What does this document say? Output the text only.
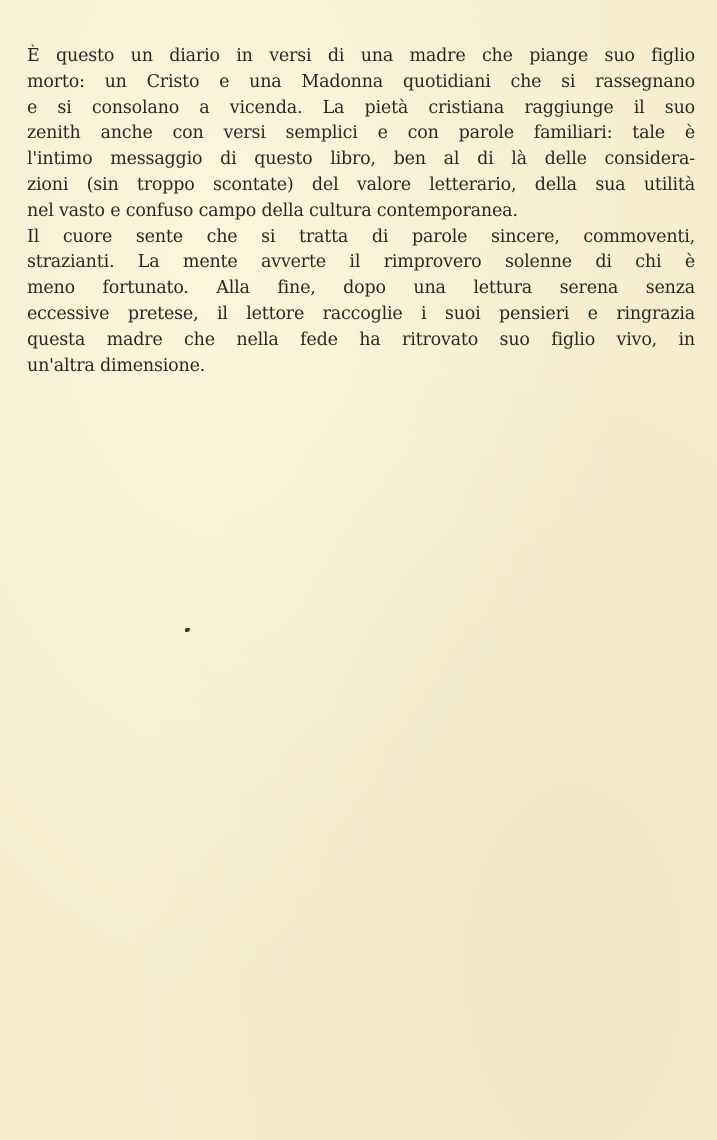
È questo un diario in versi di una madre che piange suo figlio
morto: un Cristo e una Madonna quotidiani che si rassegnano
e si consolano a vicenda. La pietà cristiana raggiunge il suo
zenith anche con versi semplici e con parole familiari: tale è
l'intimo messaggio di questo libro, ben al di là delle considera-
zioni (sin troppo scontate) del valore letterario, della sua utilità
nel vasto e confuso campo della cultura contemporanea.
Il cuore sente che si tratta di parole sincere, commoventi,
strazianti. La mente avverte il rimprovero solenne di chi è
meno fortunato. Alla fine, dopo una lettura serena senza
eccessive pretese, il lettore raccoglie i suoi pensieri e ringrazia
questa madre che nella fede ha ritrovato suo figlio vivo, in
un'altra dimensione.
